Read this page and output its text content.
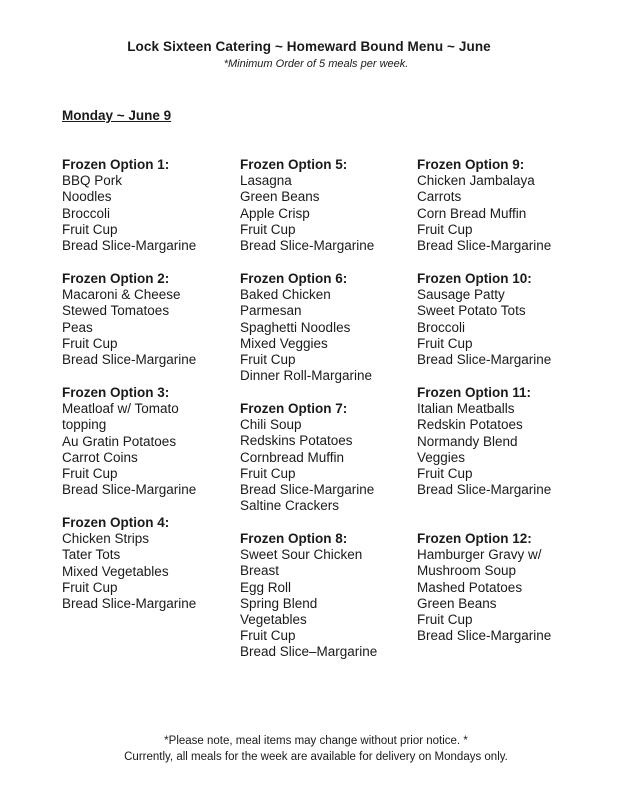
Lock Sixteen Catering ~ Homeward Bound Menu ~ June
*Minimum Order of 5 meals per week.
Monday ~ June 9
Frozen Option 1:
BBQ Pork
Noodles
Broccoli
Fruit Cup
Bread Slice-Margarine
Frozen Option 2:
Macaroni & Cheese
Stewed Tomatoes
Peas
Fruit Cup
Bread Slice-Margarine
Frozen Option 3:
Meatloaf w/ Tomato
topping
Au Gratin Potatoes
Carrot Coins
Fruit Cup
Bread Slice-Margarine
Frozen Option 4:
Chicken Strips
Tater Tots
Mixed Vegetables
Fruit Cup
Bread Slice-Margarine
Frozen Option 5:
Lasagna
Green Beans
Apple Crisp
Fruit Cup
Bread Slice-Margarine
Frozen Option 6:
Baked Chicken
Parmesan
Spaghetti Noodles
Mixed Veggies
Fruit Cup
Dinner Roll-Margarine
Frozen Option 7:
Chili Soup
Redskins Potatoes
Cornbread Muffin
Fruit Cup
Bread Slice-Margarine
Saltine Crackers
Frozen Option 8:
Sweet Sour Chicken
Breast
Egg Roll
Spring Blend
Vegetables
Fruit Cup
Bread Slice–Margarine
Frozen Option 9:
Chicken Jambalaya
Carrots
Corn Bread Muffin
Fruit Cup
Bread Slice-Margarine
Frozen Option 10:
Sausage Patty
Sweet Potato Tots
Broccoli
Fruit Cup
Bread Slice-Margarine
Frozen Option 11:
Italian Meatballs
Redskin Potatoes
Normandy Blend
Veggies
Fruit Cup
Bread Slice-Margarine
Frozen Option 12:
Hamburger Gravy w/
Mushroom Soup
Mashed Potatoes
Green Beans
Fruit Cup
Bread Slice-Margarine
*Please note, meal items may change without prior notice. *
Currently, all meals for the week are available for delivery on Mondays only.
